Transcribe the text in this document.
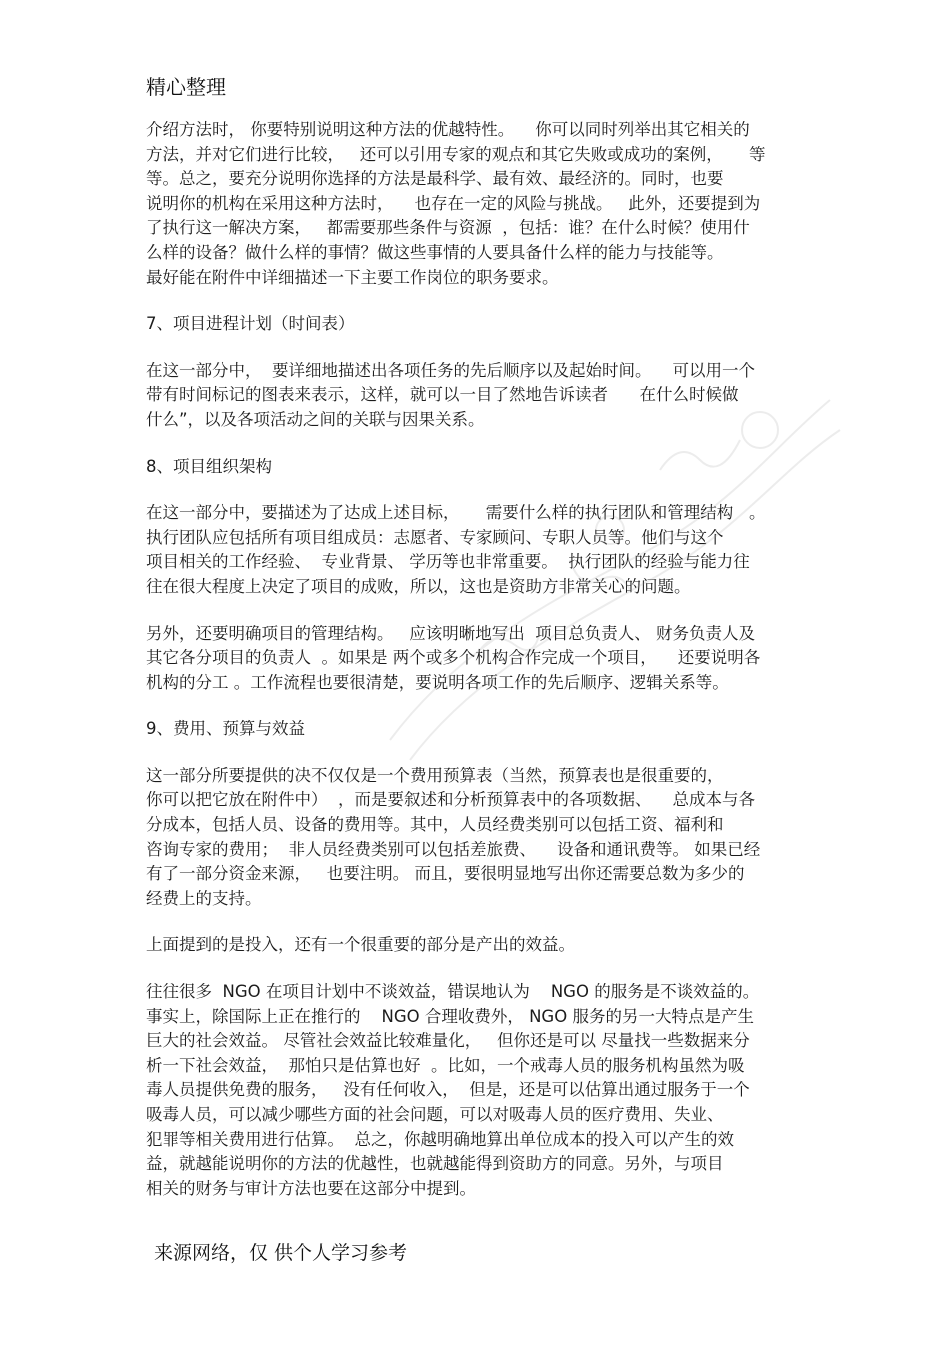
精心整理
介绍方法时， 你要特别说明这种方法的优越特性。    你可以同时列举出其它相关的
方法，并对它们进行比较，   还可以引用专家的观点和其它失败或成功的案例，     等
等。总之，要充分说明你选择的方法是最科学、最有效、最经济的。同时，也要
说明你的机构在采用这种方法时，    也存在一定的风险与挑战。   此外，还要提到为
了执行这一解决方案，   都需要那些条件与资源  ，包括：谁？在什么时候？使用什
么样的设备？做什么样的事情？做这些事情的人要具备什么样的能力与技能等。
最好能在附件中详细描述一下主要工作岗位的职务要求。
7、项目进程计划（时间表）
在这一部分中，  要详细地描述出各项任务的先后顺序以及起始时间。    可以用一个
带有时间标记的图表来表示，这样，就可以一目了然地告诉读者      在什么时候做
什么”，以及各项活动之间的关联与因果关系。
8、项目组织架构
在这一部分中，要描述为了达成上述目标，     需要什么样的执行团队和管理结构   。
执行团队应包括所有项目组成员：志愿者、专家顾问、专职人员等。他们与这个
项目相关的工作经验、  专业背景、 学历等也非常重要。  执行团队的经验与能力往
往在很大程度上决定了项目的成败，所以，这也是资助方非常关心的问题。
另外，还要明确项目的管理结构。   应该明晰地写出  项目总负责人、 财务负责人及
其它各分项目的负责人  。如果是 两个或多个机构合作完成一个项目，    还要说明各
机构的分工 。工作流程也要很清楚，要说明各项工作的先后顺序、逻辑关系等。
9、费用、预算与效益
这一部分所要提供的决不仅仅是一个费用预算表（当然，预算表也是很重要的，
你可以把它放在附件中）  ，而是要叙述和分析预算表中的各项数据、    总成本与各
分成本，包括人员、设备的费用等。其中，人员经费类别可以包括工资、福利和
咨询专家的费用；  非人员经费类别可以包括差旅费、    设备和通讯费等。 如果已经
有了一部分资金来源，   也要注明。 而且，要很明显地写出你还需要总数为多少的
经费上的支持。
上面提到的是投入，还有一个很重要的部分是产出的效益。
往往很多  NGO 在项目计划中不谈效益，错误地认为    NGO 的服务是不谈效益的。
事实上，除国际上正在推行的    NGO 合理收费外， NGO 服务的另一大特点是产生
巨大的社会效益。 尽管社会效益比较难量化，   但你还是可以 尽量找一些数据来分
析一下社会效益，  那怕只是估算也好  。比如，一个戒毒人员的服务机构虽然为吸
毒人员提供免费的服务，   没有任何收入，  但是，还是可以估算出通过服务于一个
吸毒人员，可以减少哪些方面的社会问题，可以对吸毒人员的医疗费用、失业、
犯罪等相关费用进行估算。  总之，你越明确地算出单位成本的投入可以产生的效
益，就越能说明你的方法的优越性，也就越能得到资助方的同意。另外，与项目
相关的财务与审计方法也要在这部分中提到。
来源网络，仅 供个人学习参考
